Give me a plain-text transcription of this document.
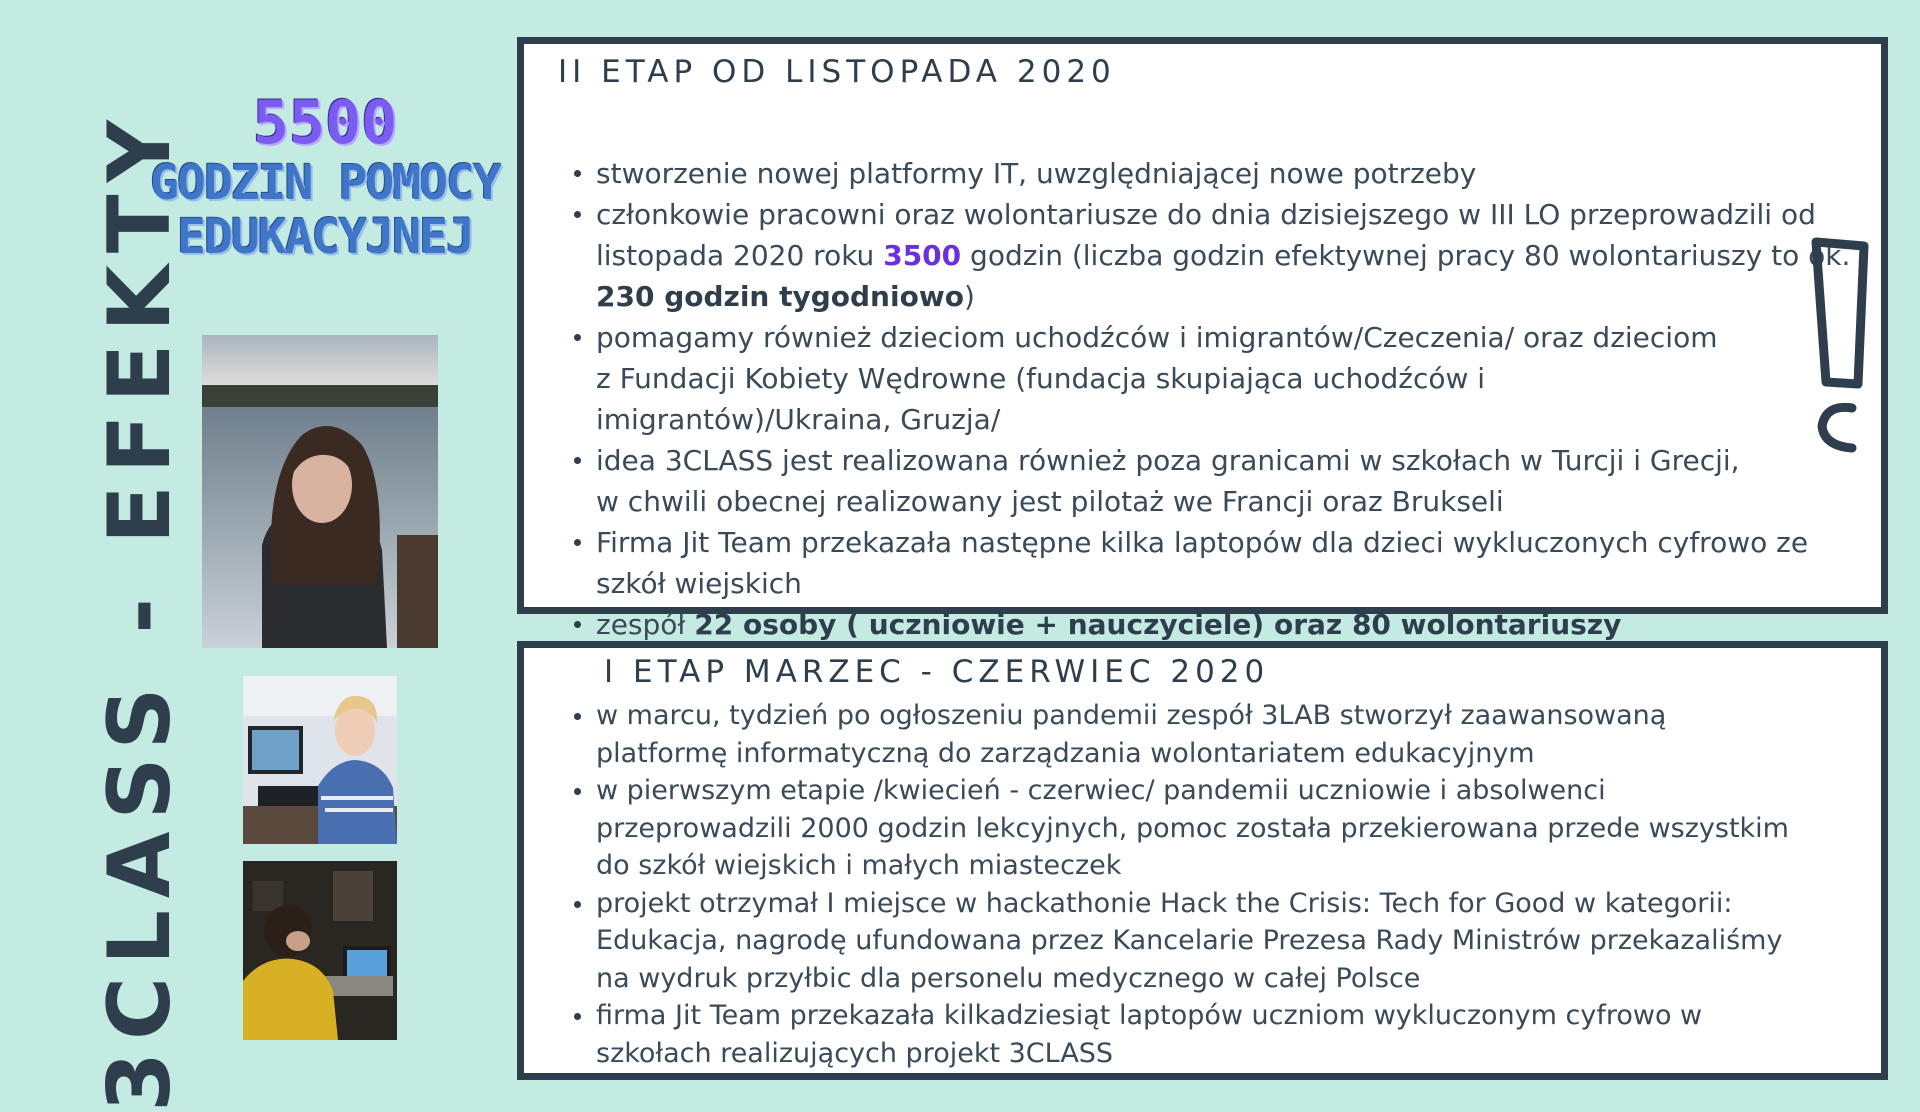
3CLASS - EFEKTY	5500
GODZIN POMOCY
EDUKACYJNEJ
II ETAP OD LISTOPADA 2020
stworzenie nowej platformy IT, uwzględniającej nowe potrzeby
członkowie pracowni oraz wolontariusze do dnia dzisiejszego w III LO przeprowadzili od listopada 2020 roku 3500 godzin (liczba godzin efektywnej pracy 80 wolontariuszy to ok. 230 godzin tygodniowo)
pomagamy również dzieciom uchodźców i imigrantów/Czeczenia/ oraz dzieciom z Fundacji Kobiety Wędrowne (fundacja skupiająca uchodźców i imigrantów)/Ukraina, Gruzja/
idea 3CLASS jest realizowana również poza granicami w szkołach w Turcji i Grecji, w chwili obecnej realizowany jest pilotaż we Francji oraz Brukseli
Firma Jit Team przekazała następne kilka laptopów dla dzieci wykluczonych cyfrowo ze szkół wiejskich
zespół 22 osoby ( uczniowie + nauczyciele) oraz 80 wolontariuszy
I ETAP MARZEC - CZERWIEC 2020
w marcu, tydzień po ogłoszeniu pandemii zespół 3LAB stworzył zaawansowaną platformę informatyczną do zarządzania wolontariatem edukacyjnym
w pierwszym etapie /kwiecień - czerwiec/ pandemii uczniowie i absolwenci przeprowadzili 2000 godzin lekcyjnych, pomoc została przekierowana przede wszystkim do szkół wiejskich i małych miasteczek
projekt otrzymał I miejsce w hackathonie Hack the Crisis: Tech for Good w kategorii: Edukacja, nagrodę ufundowana przez Kancelarie Prezesa Rady Ministrów przekazaliśmy na wydruk przyłbic dla personelu medycznego w całej Polsce
firma Jit Team przekazała kilkadziesiąt laptopów uczniom wykluczonym cyfrowo w szkołach realizujących projekt 3CLASS
